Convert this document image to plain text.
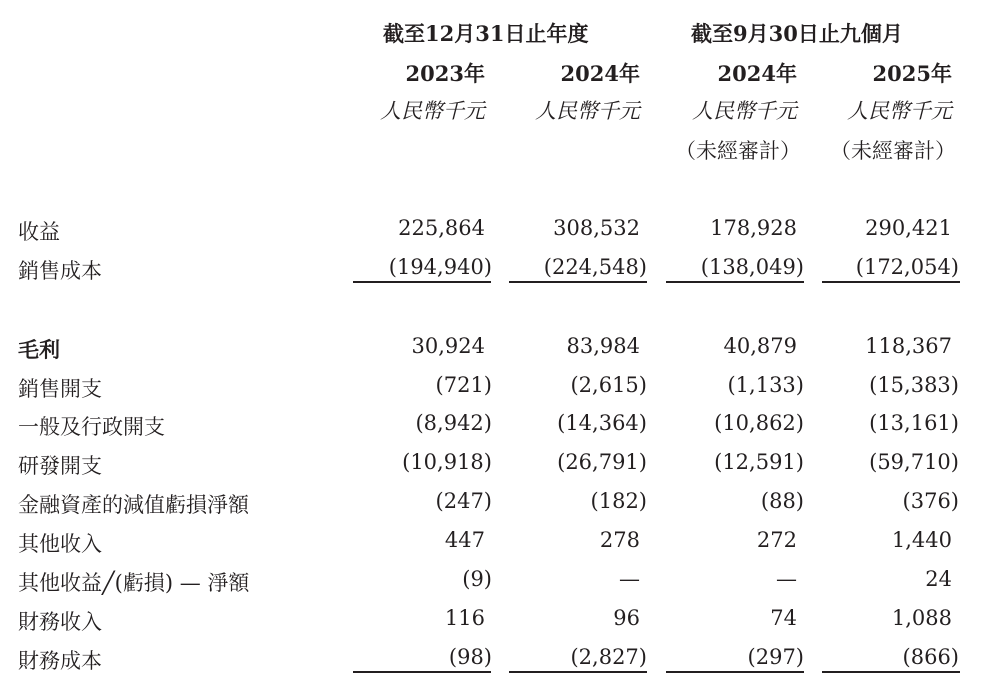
截至12月31日止年度	截至9月30日止九個月
2023年	2024年	2024年	2025年
人民幣千元	人民幣千元	人民幣千元	人民幣千元
（未經審計）	（未經審計）
收益	225,864	308,532	178,928	290,421
銷售成本	(194,940)	(224,548)	(138,049)	(172,054)
毛利	30,924	83,984	40,879	118,367
銷售開支	(721)	(2,615)	(1,133)	(15,383)
一般及行政開支	(8,942)	(14,364)	(10,862)	(13,161)
研發開支	(10,918)	(26,791)	(12,591)	(59,710)
金融資產的減值虧損淨額	(247)	(182)	(88)	(376)
其他收入	447	278	272	1,440
其他收益╱(虧損) — 淨額	(9)	—	—	24
財務收入	116	96	74	1,088
財務成本	(98)	(2,827)	(297)	(866)
